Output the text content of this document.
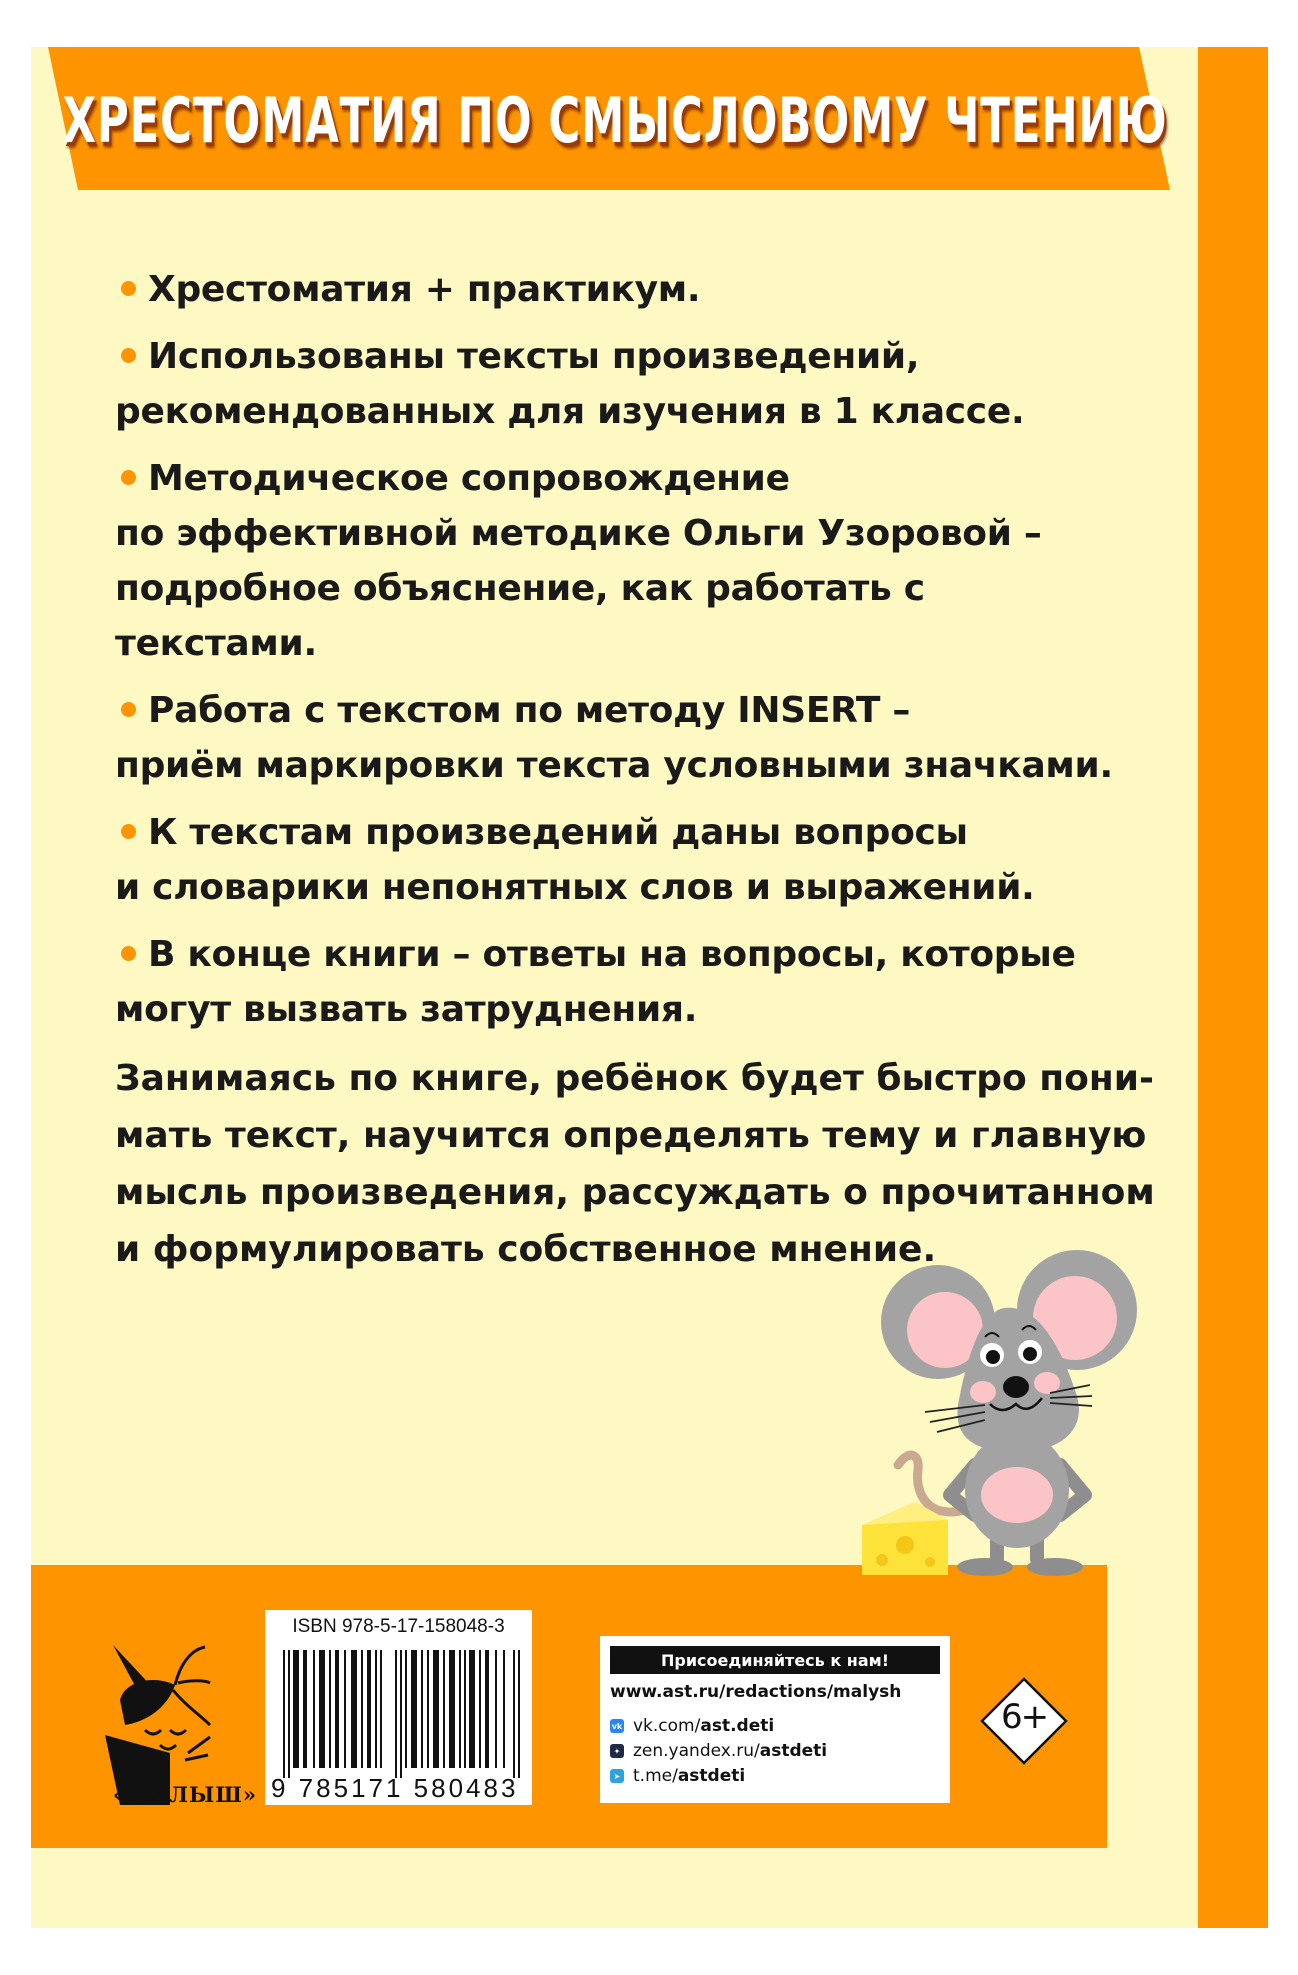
ХРЕСТОМАТИЯ ПО СМЫСЛОВОМУ ЧТЕНИЮ
Хрестоматия + практикум.
Использованы тексты произведений,
рекомендованных для изучения в 1 классе.
Методическое сопровождение
по эффективной методике Ольги Узоровой –
подробное объяснение, как работать с текстами.
Работа с текстом по методу INSERT –
приём маркировки текста условными значками.
К текстам произведений даны вопросы
и словарики непонятных слов и выражений.
В конце книги – ответы на вопросы, которые
могут вызвать затруднения.
Занимаясь по книге, ребёнок будет быстро пони-
мать текст, научится определять тему и главную
мысль произведения, рассуждать о прочитанном
и формулировать собственное мнение.
«МАЛЫШ»
ISBN 978-5-17-158048-3
9 785171 580483
Присоединяйтесь к нам!
www.ast.ru/redactions/malysh
vk vk.com/ ast.deti
✦ zen.yandex.ru/ astdeti
➤ t.me/ astdeti
6+
